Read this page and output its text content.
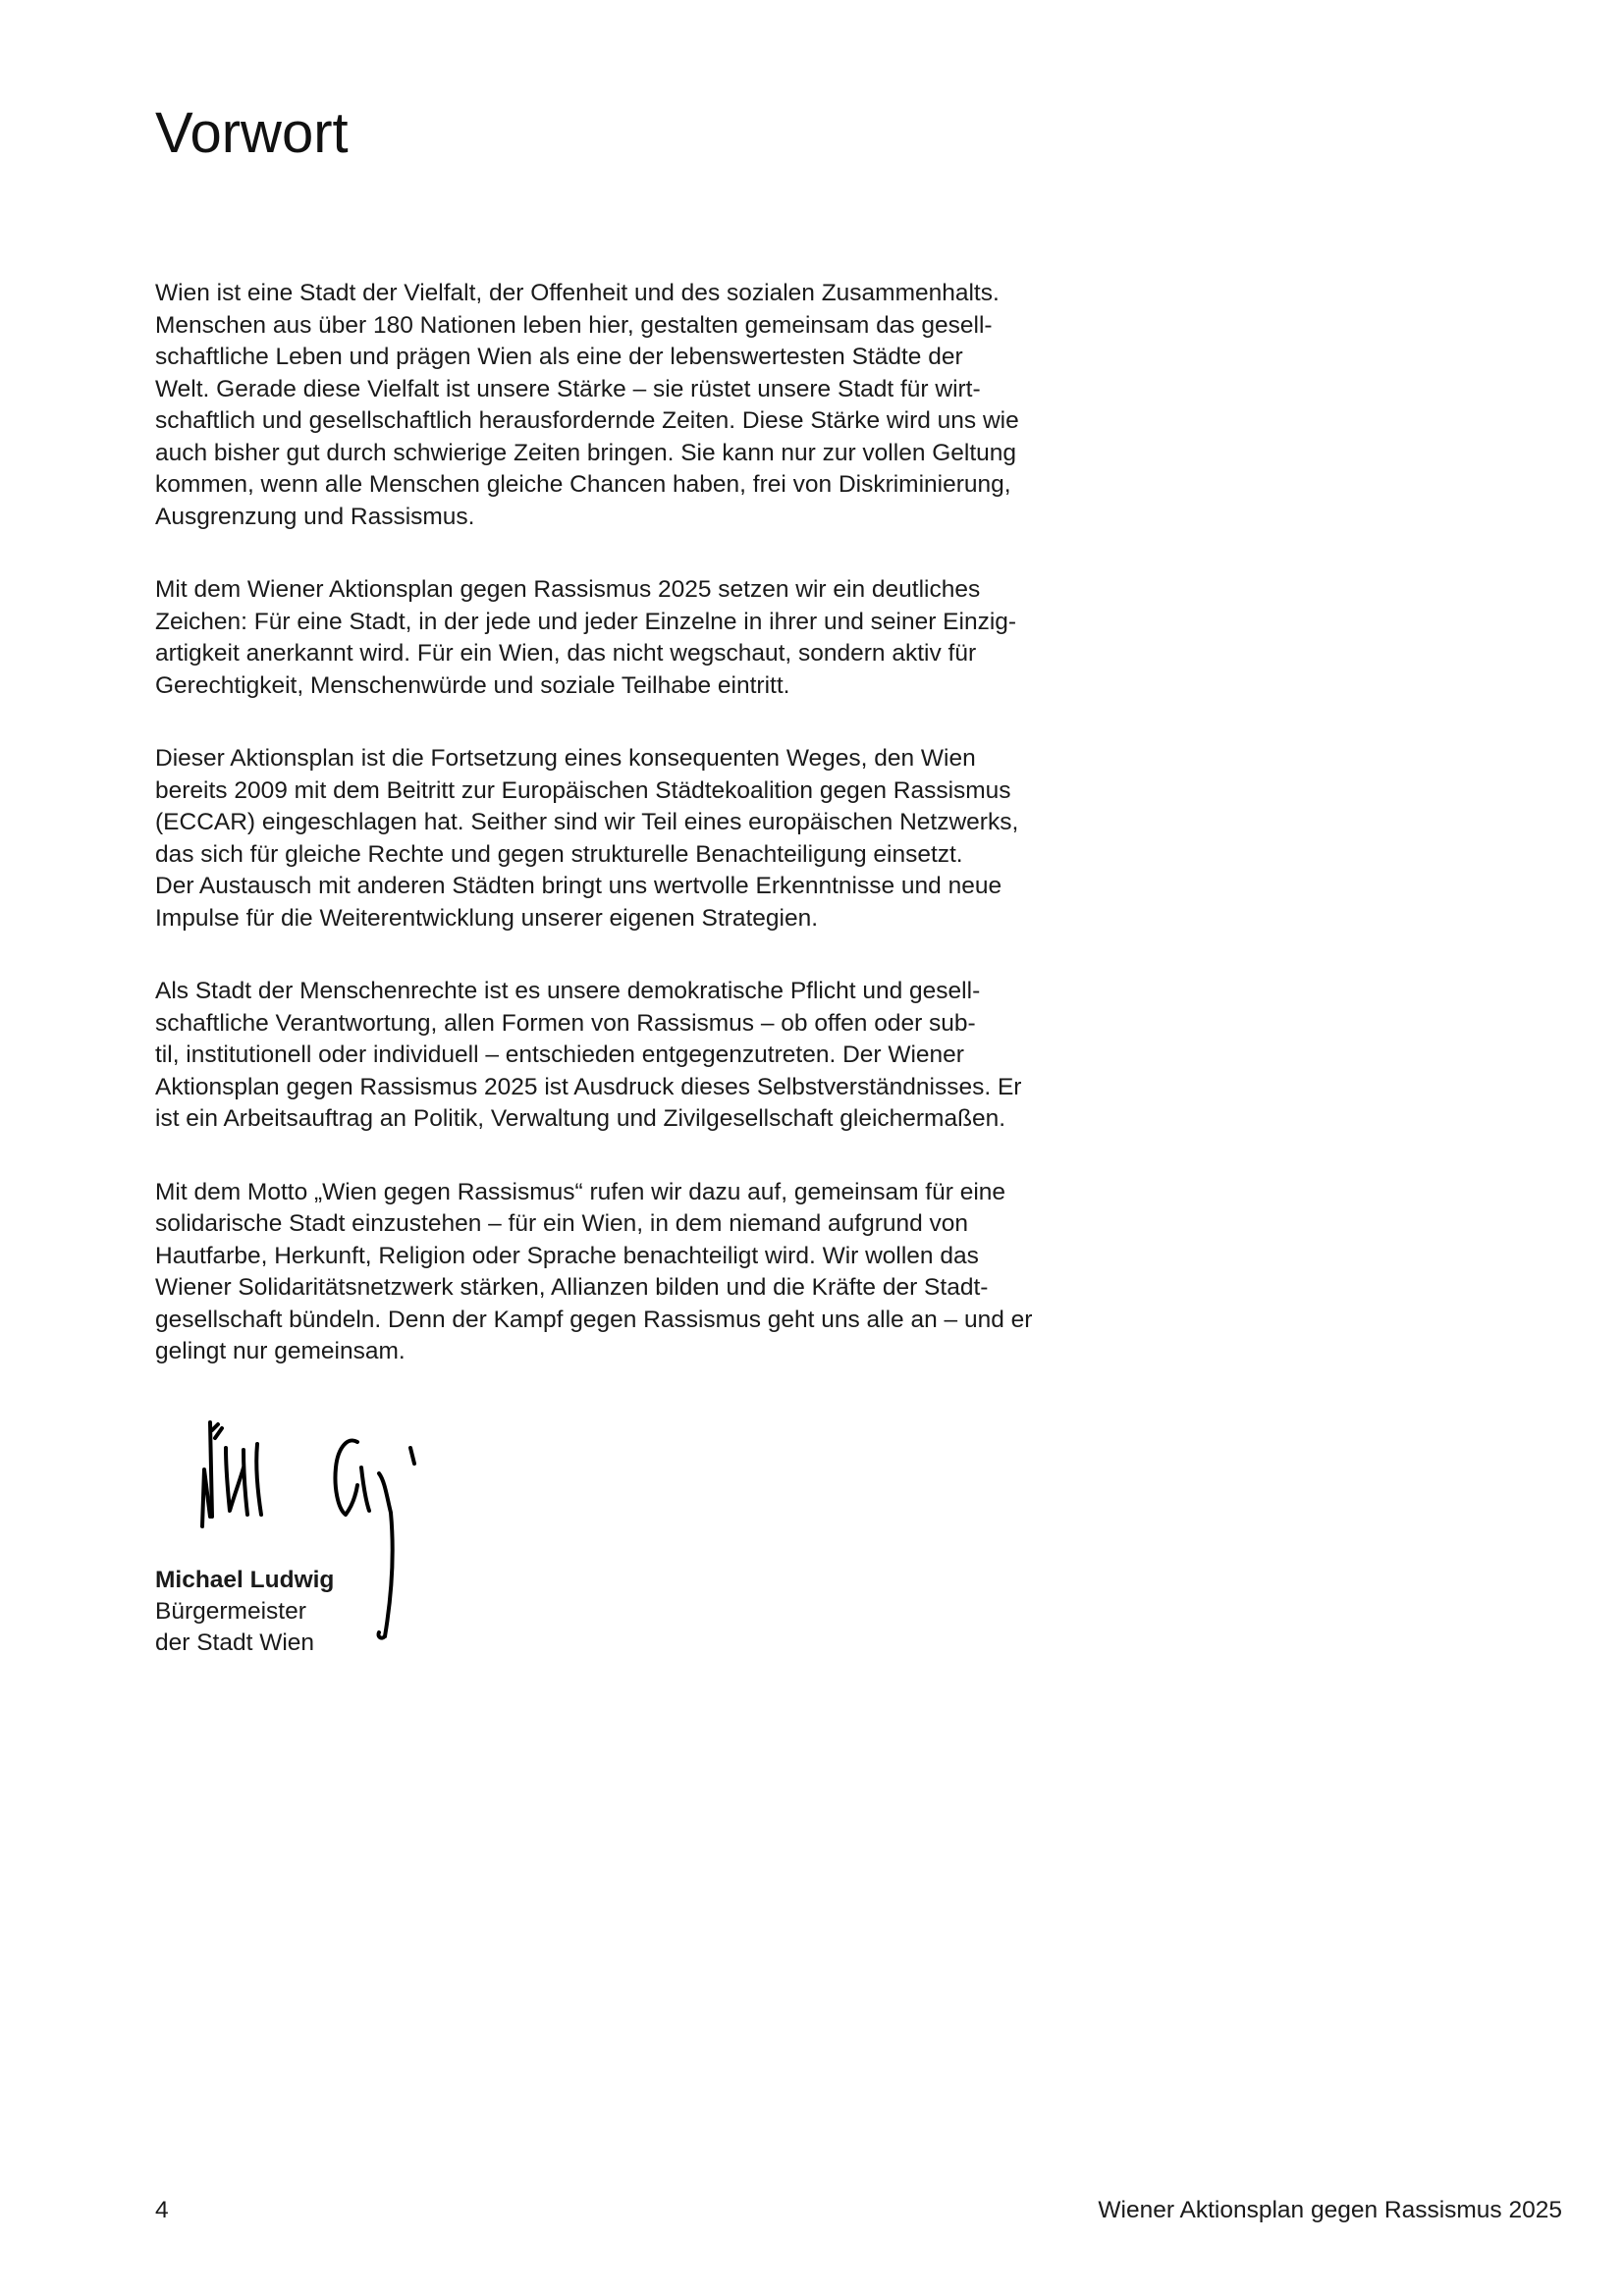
Vorwort

Wien ist eine Stadt der Vielfalt, der Offenheit und des sozialen Zusammenhalts.
Menschen aus über 180 Nationen leben hier, gestalten gemeinsam das gesell-
schaftliche Leben und prägen Wien als eine der lebenswertesten Städte der
Welt. Gerade diese Vielfalt ist unsere Stärke – sie rüstet unsere Stadt für wirt-
schaftlich und gesellschaftlich herausfordernde Zeiten. Diese Stärke wird uns wie
auch bisher gut durch schwierige Zeiten bringen. Sie kann nur zur vollen Geltung
kommen, wenn alle Menschen gleiche Chancen haben, frei von Diskriminierung,
Ausgrenzung und Rassismus.

Mit dem Wiener Aktionsplan gegen Rassismus 2025 setzen wir ein deutliches
Zeichen: Für eine Stadt, in der jede und jeder Einzelne in ihrer und seiner Einzig-
artigkeit anerkannt wird. Für ein Wien, das nicht wegschaut, sondern aktiv für
Gerechtigkeit, Menschenwürde und soziale Teilhabe eintritt.

Dieser Aktionsplan ist die Fortsetzung eines konsequenten Weges, den Wien
bereits 2009 mit dem Beitritt zur Europäischen Städtekoalition gegen Rassismus
(ECCAR) eingeschlagen hat. Seither sind wir Teil eines europäischen Netzwerks,
das sich für gleiche Rechte und gegen strukturelle Benachteiligung einsetzt.
Der Austausch mit anderen Städten bringt uns wertvolle Erkenntnisse und neue
Impulse für die Weiterentwicklung unserer eigenen Strategien.

Als Stadt der Menschenrechte ist es unsere demokratische Pflicht und gesell-
schaftliche Verantwortung, allen Formen von Rassismus – ob offen oder sub-
til, institutionell oder individuell – entschieden entgegenzutreten. Der Wiener
Aktionsplan gegen Rassismus 2025 ist Ausdruck dieses Selbstverständnisses. Er
ist ein Arbeitsauftrag an Politik, Verwaltung und Zivilgesellschaft gleichermaßen.

Mit dem Motto „Wien gegen Rassismus“ rufen wir dazu auf, gemeinsam für eine
solidarische Stadt einzustehen – für ein Wien, in dem niemand aufgrund von
Hautfarbe, Herkunft, Religion oder Sprache benachteiligt wird. Wir wollen das
Wiener Solidaritätsnetzwerk stärken, Allianzen bilden und die Kräfte der Stadt-
gesellschaft bündeln. Denn der Kampf gegen Rassismus geht uns alle an – und er
gelingt nur gemeinsam.

Michael Ludwig
Bürgermeister
der Stadt Wien
4	Wiener Aktionsplan gegen Rassismus 2025
